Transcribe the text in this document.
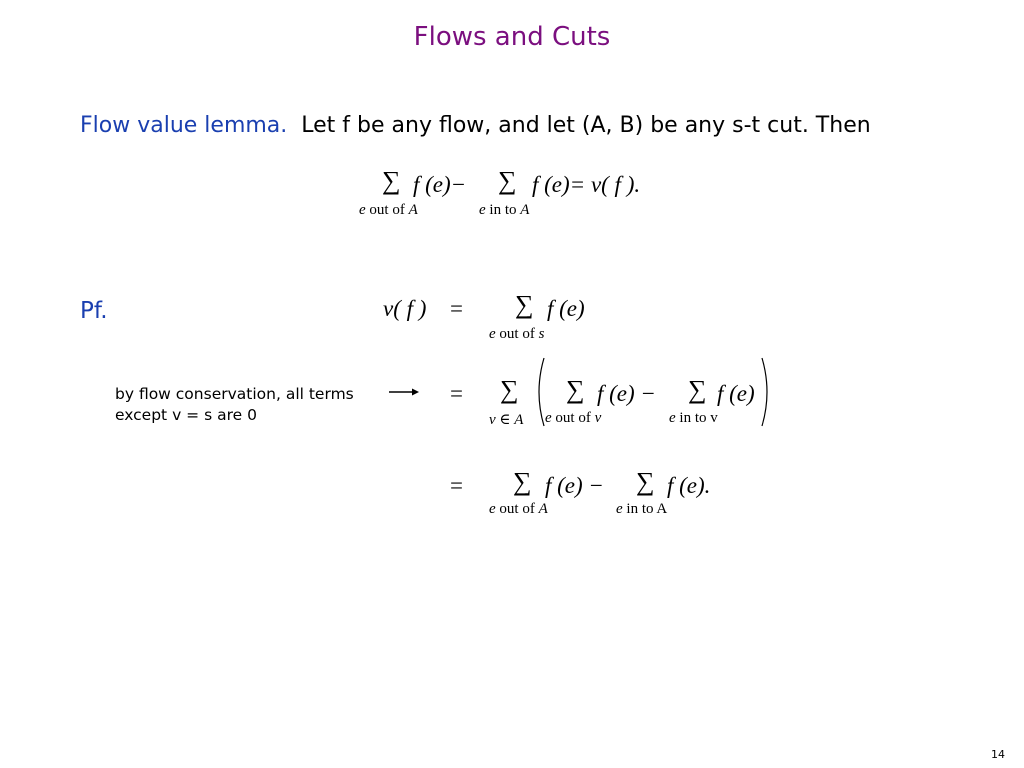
Flows and Cuts
Flow value lemma. Let f be any flow, and let (A, B) be any s-t cut. Then
∑ f (e)− ∑ f (e)= v( f ).
e out of A	e in to A
Pf.	v( f ) = ∑ f (e)
e out of s
by flow conservation, all terms
except v = s are 0
= ∑ ∑ f (e) − ∑ f (e)
v ∈ A e out of v	e in to v
= ∑ f (e) − ∑ f (e).
e out of A	e in to A
14
